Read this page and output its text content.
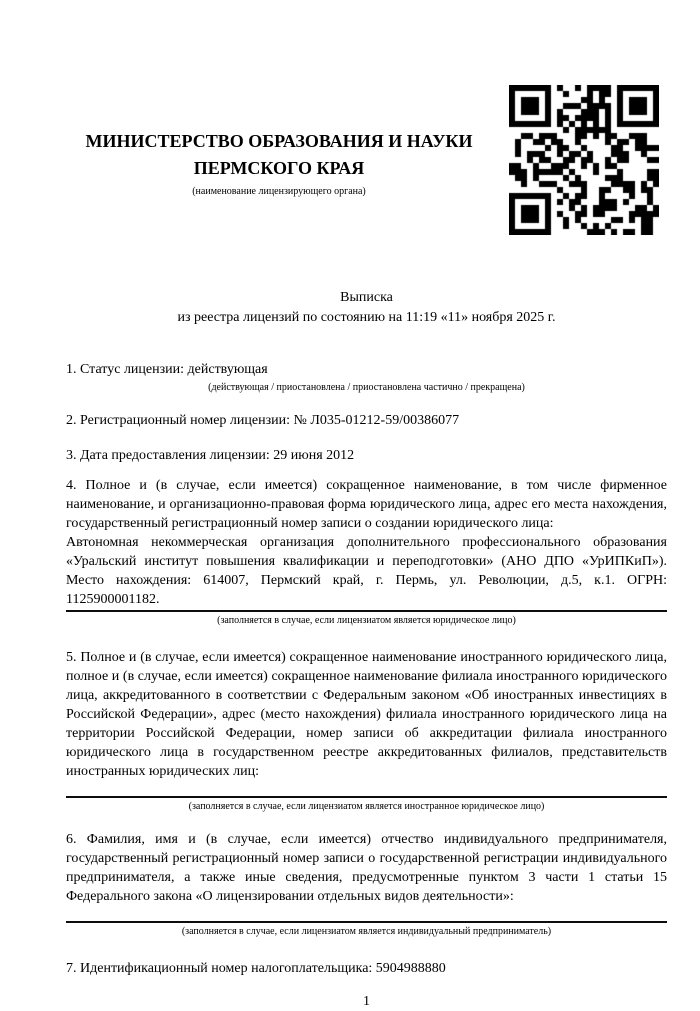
МИНИСТЕРСТВО ОБРАЗОВАНИЯ И НАУКИ
ПЕРМСКОГО КРАЯ
(наименование лицензирующего органа)
Выписка
из реестра лицензий по состоянию на 11:19 «11» ноября 2025 г.
1. Статус лицензии: действующая
(действующая / приостановлена / приостановлена частично / прекращена)
2. Регистрационный номер лицензии: № Л035-01212-59/00386077
3. Дата предоставления лицензии: 29 июня 2012

4. Полное и (в случае, если имеется) сокращенное наименование, в том числе фирменное наименование, и организационно-правовая форма юридического лица, адрес его места нахождения, государственный регистрационный номер записи о создании юридического лица:

Автономная некоммерческая организация дополнительного профессионального образования «Уральский институт повышения квалификации и переподготовки» (АНО ДПО «УрИПКиП»). Место нахождения: 614007, Пермский край, г. Пермь, ул. Революции, д.5, к.1. ОГРН: 1125900001182.

(заполняется в случае, если лицензиатом является юридическое лицо)

5. Полное и (в случае, если имеется) сокращенное наименование иностранного юридического лица, полное и (в случае, если имеется) сокращенное наименование филиала иностранного юридического лица, аккредитованного в соответствии с Федеральным законом «Об иностранных инвестициях в Российской Федерации», адрес (место нахождения) филиала иностранного юридического лица на территории Российской Федерации, номер записи об аккредитации филиала иностранного юридического лица в государственном реестре аккредитованных филиалов, представительств иностранных юридических лиц:

(заполняется в случае, если лицензиатом является иностранное юридическое лицо)

6. Фамилия, имя и (в случае, если имеется) отчество индивидуального предпринимателя, государственный регистрационный номер записи о государственной регистрации индивидуального предпринимателя, а также иные сведения, предусмотренные пунктом 3 части 1 статьи 15 Федерального закона «О лицензировании отдельных видов деятельности»:

(заполняется в случае, если лицензиатом является индивидуальный предприниматель)
7. Идентификационный номер налогоплательщика: 5904988880
1
